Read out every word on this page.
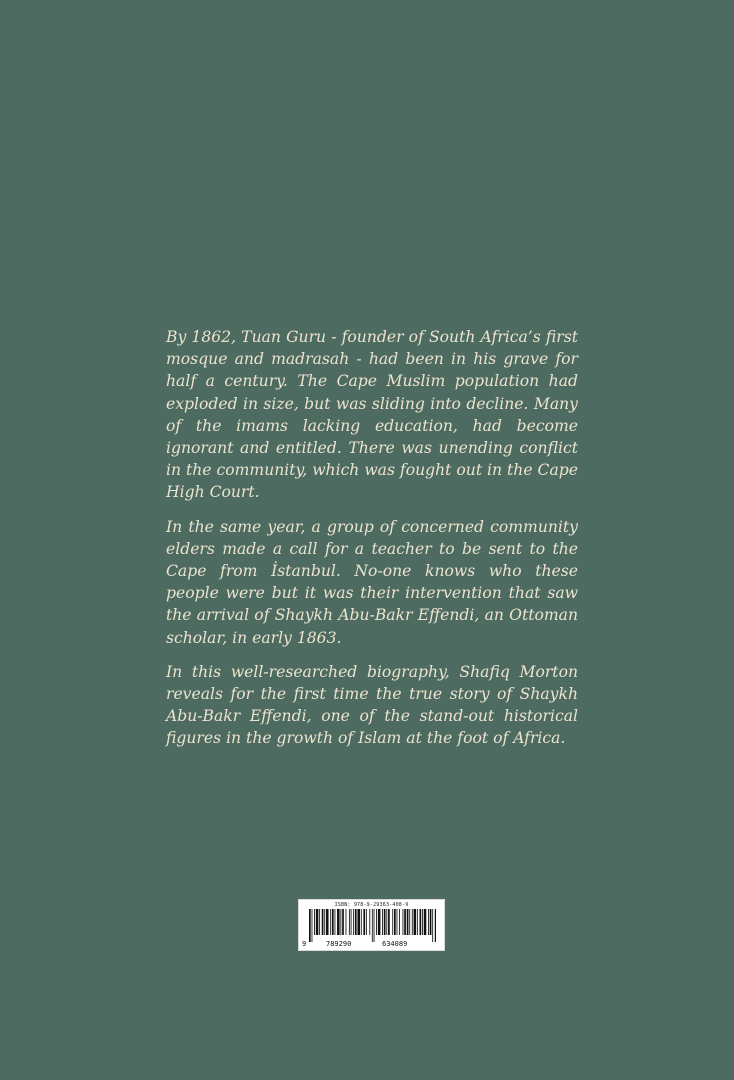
By 1862, Tuan Guru - founder of South Africa’s first mosque and madrasah - had been in his grave for half a century. The Cape Muslim population had exploded in size, but was sliding into decline. Many of the imams lacking education, had become ignorant and entitled. There was unending conflict in the community, which was fought out in the Cape High Court.

In the same year, a group of concerned community elders made a call for a teacher to be sent to the Cape from İstanbul. No-one knows who these people were but it was their intervention that saw the arrival of Shaykh Abu-Bakr Effendi, an Ottoman scholar, in early 1863.

In this well-researched biography, Shafiq Morton reveals for the first time the true story of Shaykh Abu-Bakr Effendi, one of the stand-out historical figures in the growth of Islam at the foot of Africa.

ISBN: 978-9-29363-408-9
9	789290	634089
